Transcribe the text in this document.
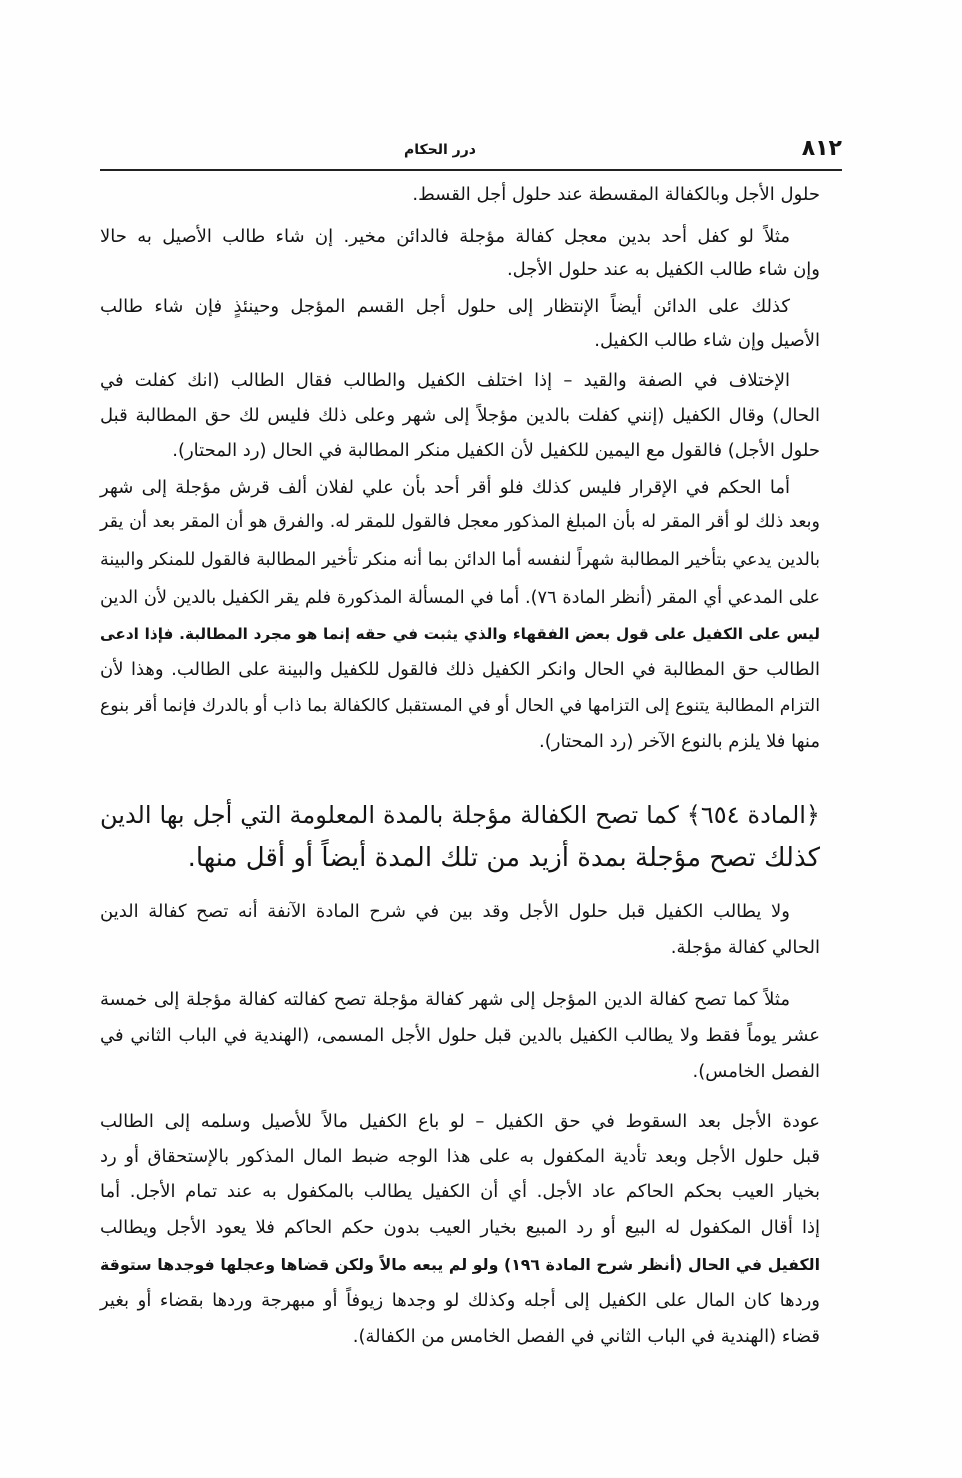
٨١٢
درر الحكام
حلول الأجل وبالكفالة المقسطة عند حلول أجل القسط.
مثلاً لو كفل أحد بدين معجل كفالة مؤجلة فالدائن مخير. إن شاء طالب الأصيل به حالا
وإن شاء طالب الكفيل به عند حلول الأجل.
كذلك على الدائن أيضاً الإنتظار إلى حلول أجل القسم المؤجل وحينئذٍ فإن شاء طالب
الأصيل وإن شاء طالب الكفيل.
الإختلاف في الصفة والقيد – إذا اختلف الكفيل والطالب فقال الطالب (انك كفلت في
الحال) وقال الكفيل (إنني كفلت بالدين مؤجلاً إلى شهر وعلى ذلك فليس لك حق المطالبة قبل
حلول الأجل) فالقول مع اليمين للكفيل لأن الكفيل منكر المطالبة في الحال (رد المحتار).
أما الحكم في الإقرار فليس كذلك فلو أقر أحد بأن علي لفلان ألف قرش مؤجلة إلى شهر
وبعد ذلك لو أقر المقر له بأن المبلغ المذكور معجل فالقول للمقر له. والفرق هو أن المقر بعد أن يقر
بالدين يدعي بتأخير المطالبة شهراً لنفسه أما الدائن بما أنه منكر تأخير المطالبة فالقول للمنكر والبينة
على المدعي أي المقر (أنظر المادة ٧٦). أما في المسألة المذكورة فلم يقر الكفيل بالدين لأن الدين
ليس على الكفيل على قول بعض الفقهاء والذي يثبت في حقه إنما هو مجرد المطالبة. فإذا ادعى
الطالب حق المطالبة في الحال وانكر الكفيل ذلك فالقول للكفيل والبينة على الطالب. وهذا لأن
التزام المطالبة يتنوع إلى التزامها في الحال أو في المستقبل كالكفالة بما ذاب أو بالدرك فإنما أقر بنوع
منها فلا يلزم بالنوع الآخر (رد المحتار).
﴿المادة ٦٥٤﴾ كما تصح الكفالة مؤجلة بالمدة المعلومة التي أجل بها الدين
كذلك تصح مؤجلة بمدة أزيد من تلك المدة أيضاً أو أقل منها.
ولا يطالب الكفيل قبل حلول الأجل وقد بين في شرح المادة الآنفة أنه تصح كفالة الدين
الحالي كفالة مؤجلة.
مثلاً كما تصح كفالة الدين المؤجل إلى شهر كفالة مؤجلة تصح كفالته كفالة مؤجلة إلى خمسة
عشر يوماً فقط ولا يطالب الكفيل بالدين قبل حلول الأجل المسمى، (الهندية في الباب الثاني في
الفصل الخامس).
عودة الأجل بعد السقوط في حق الكفيل – لو باع الكفيل مالاً للأصيل وسلمه إلى الطالب
قبل حلول الأجل وبعد تأدية المكفول به على هذا الوجه ضبط المال المذكور بالإستحقاق أو رد
بخيار العيب بحكم الحاكم عاد الأجل. أي أن الكفيل يطالب بالمكفول به عند تمام الأجل. أما
إذا أقال المكفول له البيع أو رد المبيع بخيار العيب بدون حكم الحاكم فلا يعود الأجل ويطالب
الكفيل في الحال (أنظر شرح المادة ١٩٦) ولو لم يبعه مالاً ولكن قضاها وعجلها فوجدها ستوقة
وردها كان المال على الكفيل إلى أجله وكذلك لو وجدها زيوفاً أو مبهرجة وردها بقضاء أو بغير
قضاء (الهندية في الباب الثاني في الفصل الخامس من الكفالة).
